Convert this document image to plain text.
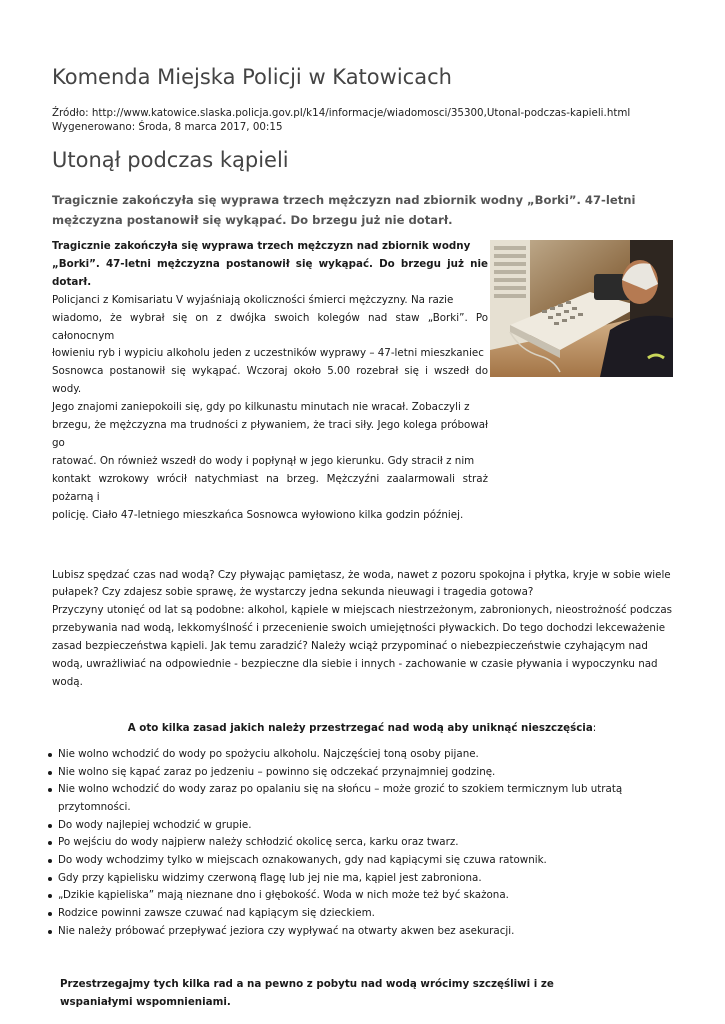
Komenda Miejska Policji w Katowicach
Źródło: http://www.katowice.slaska.policja.gov.pl/k14/informacje/wiadomosci/35300,Utonal-podczas-kapieli.html
Wygenerowano: Środa, 8 marca 2017, 00:15
Utonął podczas kąpieli

Tragicznie zakończyła się wyprawa trzech mężczyzn nad zbiornik wodny „Borki”. 47-letni mężczyzna postanowił się wykąpać. Do brzegu już nie dotarł.

Tragicznie zakończyła się wyprawa trzech mężczyzn nad zbiornik wodny
„Borki”. 47-letni mężczyzna postanowił się wykąpać. Do brzegu już nie dotarł.
Policjanci z Komisariatu V wyjaśniają okoliczności śmierci mężczyzny. Na razie
wiadomo, że wybrał się on z dwójka swoich kolegów nad staw „Borki”. Po całonocnym
łowieniu ryb i wypiciu alkoholu jeden z uczestników wyprawy – 47-letni mieszkaniec
Sosnowca postanowił się wykąpać. Wczoraj około 5.00 rozebrał się i wszedł do wody.
Jego znajomi zaniepokoili się, gdy po kilkunastu minutach nie wracał. Zobaczyli z
brzegu, że mężczyzna ma trudności z pływaniem, że traci siły. Jego kolega próbował go
ratować. On również wszedł do wody i popłynął w jego kierunku. Gdy stracił z nim
kontakt wzrokowy wrócił natychmiast na brzeg. Mężczyźni zaalarmowali straż pożarną i
policję. Ciało 47-letniego mieszkańca Sosnowca wyłowiono kilka godzin później.

Lubisz spędzać czas nad wodą? Czy pływając pamiętasz, że woda, nawet z pozoru spokojna i płytka, kryje w sobie wiele pułapek? Czy zdajesz sobie sprawę, że wystarczy jedna sekunda nieuwagi i tragedia gotowa?

Przyczyny utonięć od lat są podobne: alkohol, kąpiele w miejscach niestrzeżonym, zabronionych, nieostrożność podczas przebywania nad wodą, lekkomyślność i przecenienie swoich umiejętności pływackich. Do tego dochodzi lekceważenie zasad bezpieczeństwa kąpieli. Jak temu zaradzić? Należy wciąż przypominać o niebezpieczeństwie czyhającym nad wodą, uwrażliwiać na odpowiednie - bezpieczne dla siebie i innych - zachowanie w czasie pływania i wypoczynku nad wodą.

A oto kilka zasad jakich należy przestrzegać nad wodą aby uniknąć nieszczęścia:
Nie wolno wchodzić do wody po spożyciu alkoholu. Najczęściej toną osoby pijane.
Nie wolno się kąpać zaraz po jedzeniu – powinno się odczekać przynajmniej godzinę.
Nie wolno wchodzić do wody zaraz po opalaniu się na słońcu – może grozić to szokiem termicznym lub utratą przytomności.
Do wody najlepiej wchodzić w grupie.
Po wejściu do wody najpierw należy schłodzić okolicę serca, karku oraz twarz.
Do wody wchodzimy tylko w miejscach oznakowanych, gdy nad kąpiącymi się czuwa ratownik.
Gdy przy kąpielisku widzimy czerwoną flagę lub jej nie ma, kąpiel jest zabroniona.
„Dzikie kąpieliska” mają nieznane dno i głębokość. Woda w nich może też być skażona.
Rodzice powinni zawsze czuwać nad kąpiącym się dzieckiem.
Nie należy próbować przepływać jeziora czy wypływać na otwarty akwen bez asekuracji.

Przestrzegajmy tych kilka rad a na pewno z pobytu nad wodą wrócimy szczęśliwi i ze wspaniałymi wspomnieniami.
